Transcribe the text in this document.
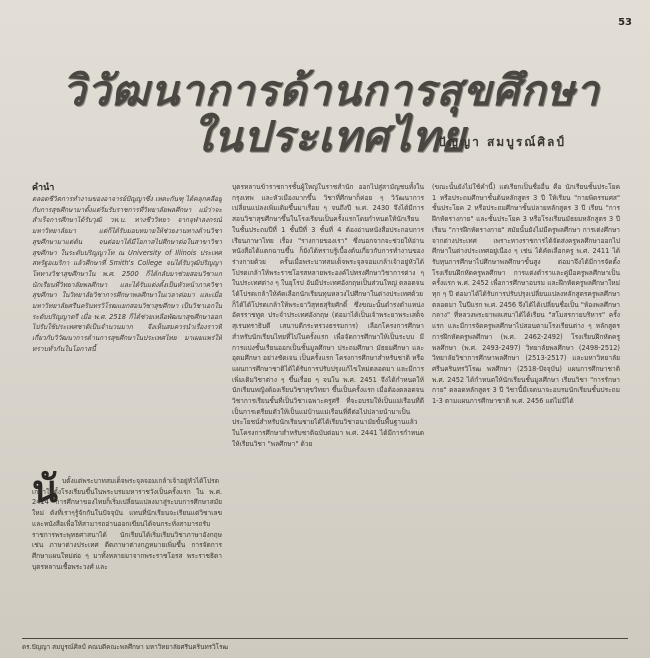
53
วิวัฒนาการด้านการสุขศึกษา
ในประเทศไทย
ปัญญา สมบูรณ์ศิลป์
คำนำ
ตลอดชีวิตการทำงานของอาจารย์ปัญญาซึ่ง เหตะกันฑุ ได้คลุกคลีอยู่กับการสุขศึกษามาตั้งแต่ริ่มรับราชการที่วิทยาลัยพลศึกษา แม้ว่าจะสำเร็จการศึกษาได้รับวุฒิ วท.บ. ทางชีววิทยา จากจุฬาลงกรณ์มหาวิทยาลัยมา แต่ก็ได้รับมอบหมายให้ช่วยงานทางด้านวิชาสุขศึกษามาแต่ต้น จนต่อมาได้มีโอกาสไปศึกษาต่อในสาขาวิชาสุขศึกษา ในระดับปริญญาโท ณ University of Illinois ประเทศสหรัฐอเมริกา แล้วศึกษาที่ Smith's College จนได้รับวุฒิปริญญาโททางวิชาสุขศึกษาใน พ.ศ. 2500 ก็ได้กลับมาช่วยสอนวิชาแก่นักเรียนที่วิทยาลัยพลศึกษา และได้รับแต่งตั้งเป็นหัวหน้าภาควิชาสุขศึกษา ในวิทยาลัยวิชาการศึกษาพลศึกษาในเวลาต่อมา และเมื่อมหาวิทยาลัยศรีนครินทรวิโรฒแยกสอนวิชาสุขศึกษา เป็นวิชาเอกในระดับปริญญาตรี เมื่อ พ.ศ. 2518 ก็ได้ช่วยเหลือพัฒนาสุขศึกษาออกไปรับใช้ประเทศชาติเป็นจำนวนมาก จึงเห็นสมควรนำเรื่องราวที่เกี่ยวกับวิวัฒนาการด้านการสุขศึกษาในประเทศไทย มาเผยแพร่ให้ทราบทั่วกันในโอกาสนี้
นั บตั้งแต่พระบาทสมเด็จพระจุลจอมเกล้าเจ้าอยู่หัวได้โปรดเกล้าให้ตั้งโรงเรียนขึ้นในพระบรมมหาราชวังเป็นครั้งแรก ใน พ.ศ. 2414 การศึกษาของไทยก็เริ่มเปลี่ยนแปลงมาสู่ระบบการศึกษาสมัยใหม่ ดังที่เราๆรู้จักกันในปัจจุบัน แทนที่นักเรียนจะเรียนแต่วิชาเลขและหนังสือเพื่อให้สามารถอ่านออกเขียนได้จนกระทั่งสามารถรับราชการพระพุทธศาสนาได้ นักเรียนได้เริ่มเรียนวิชาภาษาอังกฤษ เช่น ภาษาต่างประเทศ ตีตภาษาต่างกฎหมายเพิ่มขึ้น การจัดการศึกษาแผนใหม่ต่อ ๆ มาทั้งหลายมาจากพระราชโอรส พระราชธิดา บุตรหลานเชื้อพระวงศ์ และ
บุตรหลานข้าราชการชั้นผู้ใหญ่ในราชสำนัก ออกไปสู่สามัญชนทั้งในกรุงเทพ และหัวเมืองมากขึ้น วิชาที่ศึกษาก็ค่อย ๆ วิวัฒนาการเปลี่ยนแปลงเพิ่มเติมขึ้นมาเรื่อย ๆ จนถึงปี พ.ศ. 2430 จึงได้มีการสอนวิชาสุขศึกษาขึ้นในโรงเรียนเป็นครั้งแรกโดยกำหนดให้นักเรียนในชั้นประถมปีที่ 1 ชั้นปีที่ 3 ชั้นที่ 4 ต้องอ่านหนังสือประกอบการเรียนภาษาไทย เรื่อง "รางกายของเรา" ซึ่งนอกจากจะช่วยให้อ่านหนังสือได้แตกฉานขึ้น ก็ยังได้ทราบรู้เบื้องต้นเกี่ยวกับการทำงานของร่างกายด้วย ครั้นเมื่อพระบาทสมเด็จพระจุลจอมเกล้าเจ้าอยู่หัวได้โปรดเกล้าให้พระราชโอรสหลายพระองค์ไปทรงศึกษาวิชาการต่าง ๆ ในประเทศต่าง ๆ ในยุโรป อันมีประเทศอังกฤษเป็นส่วนใหญ่ ตลอดจนได้โปรดเกล้าให้คัดเลือกนักเรียนทุนหลวงไปศึกษาในต่างประเทศด้วย ก็ได้ได้โปรดเกล้าให้พระยาวิสุทธสุริยศักดิ์ ซึ่งขณะนั้นดำรงตำแหน่งอัครราชทูต ประจำประเทศอังกฤษ (ต่อมาได้เป็นเจ้าพระยาพระเสด็จสุเรนทราธิบดี เสนาบดีกระทรวงธรรมการ) เลือกโครงการศึกษาสำหรับนักเรียนไทยที่ไปในครั้งแรก เพื่อจัดการศึกษาให้เป็นระบบ มีการแบ่งชั้นเรียนออกเป็นชั้นมูลศึกษา ประถมศึกษา มัธยมศึกษา และอุดมศึกษา อย่างชัดเจน เป็นครั้งแรก โครงการศึกษาสำหรับชาติ หรือแผนการศึกษาชาติได้ได้รับการปรับปรุงแก้ไขใหม่ตลอดมา และมีการเพิ่มเติมวิชาต่าง ๆ ขึ้นเรื่อย ๆ จนใน พ.ศ. 2451 จึงได้กำหนดให้นักเรียนหญิงต้องเรียนวิชาสุขวิทยา ขึ้นเป็นครั้งแรก เมื่อต้องตลอดจนวิชาการเรียนชั้นที่เป็นวิชาเฉพาะครูศรี ที่จะอบรมให้เป็นแม่เรือนที่ดี เป็นการเตรียมตัวให้เป็นแม่บ้านแม่เรือนที่ดีต่อไปปลายนำมาเป็นประโยชน์สำหรับนักเรียนชายได้ได้เรียนวิชาอนามัยขั้นพื้นฐานแล้ว ในโครงการศึกษาสำหรับชาติฉบับต่อมา พ.ศ. 2441 ได้มีการกำหนดให้เรียนวิชา "พลศึกษา" ด้วย
(ขณะนั้นยังไม่ใช้คำนี้) แต่เรียกเป็นชื่ออื่น คือ นักเรียนชั้นประโยค 1 หรือประถมศึกษาชั้นต้นหลักสูตร 3 ปี ให้เรียน "กายพิดรรมศส" ชั้นประโยค 2 หรือประถมศึกษาชั้นปลายหลักสูตร 3 ปี เรียน "การฝึกหัดรางกาย" และชั้นประโยค 3 หรือโรงเรียนมัธยมหลักสูตร 3 ปี เรียน "การฝึกหัดรางกาย" สมัยนั้นยังไม่มีครูพลศึกษา การเต่งศึกษาจากต่างประเทศ เพราะทางราชการได้จัดส่งครูพลศึกษาออกไปศึกษาในต่างประเทศอยู่เนือง ๆ เช่น ได้คัดเลือกครู พ.ศ. 2411 ได้รับทุนการศึกษาไปศึกษาพลศึกษาขั้นสูง ต่อมาจึงได้มีการจัดตั้งโรงเรียนฝึกหัดครูพลศึกษา การแต่งตำราและคู่มือครูพลศึกษาเป็นครั้งแรก พ.ศ. 2452 เพื่อการศึกษาอบรม และฝึกหัดครูพลศึกษาใหม่ทุก ๆ ปี ต่อมาได้ได้รับการปรับปรุงเปลี่ยนแปลงหลักสูตรครูพลศึกษาตลอดมา ในปีแรก พ.ศ. 2456 จึงได้ได้เปลี่ยนชื่อเป็น "ห้องพลศึกษากลาง" ที่หลวงพระยาพลเสนาได้ได้เรียน "สโมสรกายบริหาร" ครั้งแรก และมีการจัดครูพลศึกษาไปสอนตามโรงเรียนต่าง ๆ หลักสูตรการฝึกหัดครูพลศึกษา (พ.ศ. 2462-2492) โรงเรียนฝึกหัดครูพลศึกษา (พ.ศ. 2493-2497) วิทยาลัยพลศึกษา (2498-2512) วิทยาลัยวิชาการศึกษาพลศึกษา (2513-2517) และมหาวิทยาลัยศรีนครินทรวิโรฒ พลศึกษา (2518-ปัจจุบัน) แผนการศึกษาชาติ พ.ศ. 2452 ได้กำหนดให้นักเรียนชั้นมูลศึกษา เรียนวิชา "การรักษากาย" ตลอดหลักสูตร 3 ปี วิชานี้มีเจตนาจะอบรมนักเรียนชั้นประถม 1-3 ตามแผนการศึกษาชาติ พ.ศ. 2456 แต่ไม่มีได้
ดร.ปัญญา สมบูรณ์ศิลป์ คณบดีคณะพลศึกษา มหาวิทยาลัยศรีนครินทรวิโรฒ
